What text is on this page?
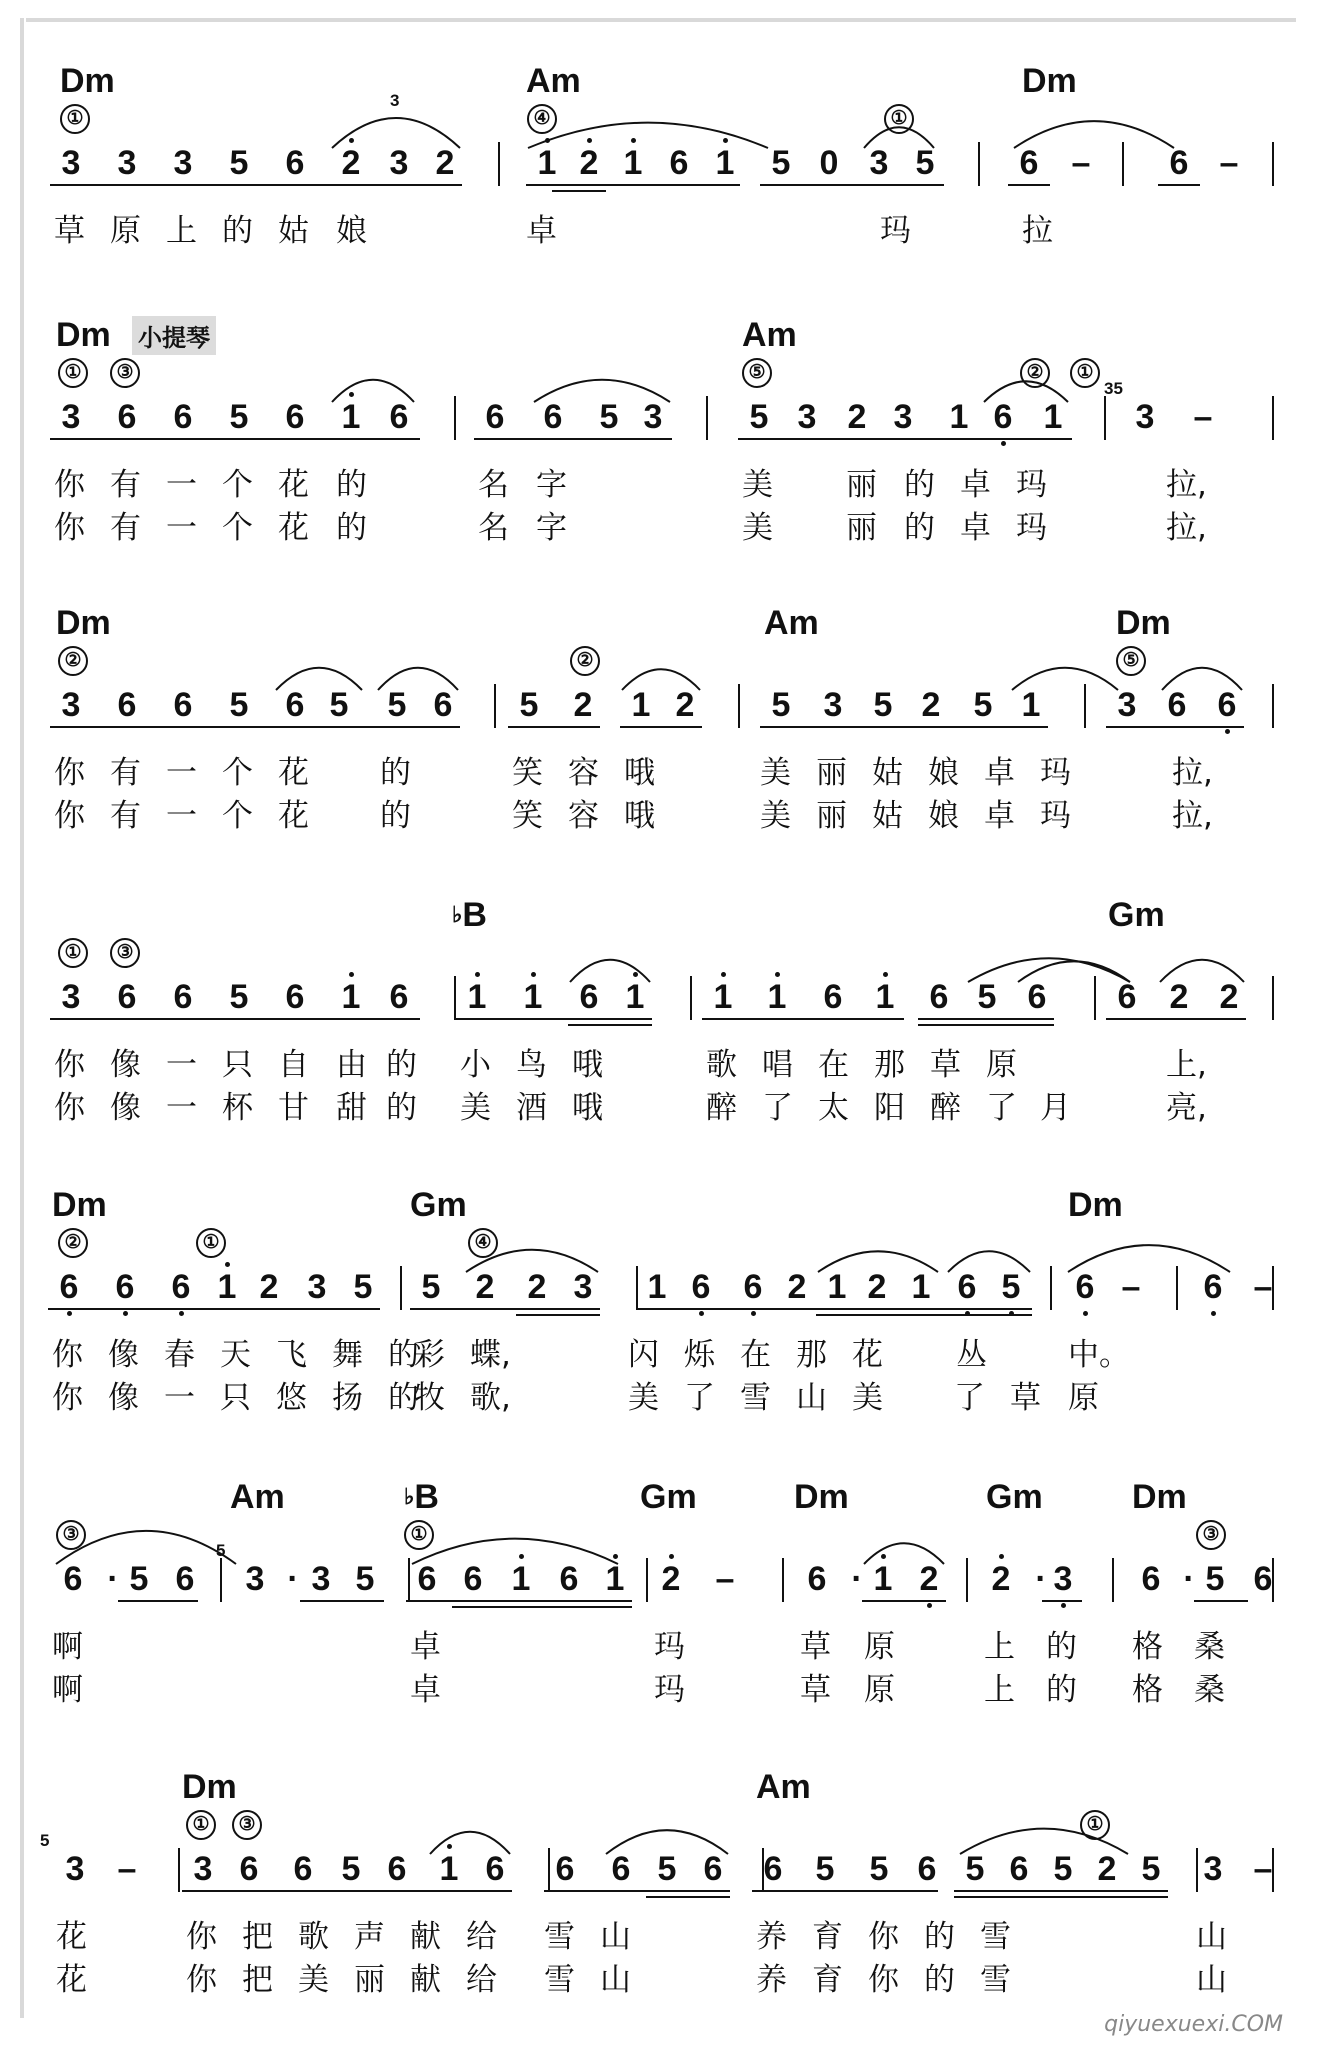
Dm	Am	Dm
①	④	①
3 3 3 5 6 2 3 2 1 2 1 6 1 5 0 3 5	6 – 6 –
3
草 原 上 的 姑 娘	卓	玛	拉
Dm	Am
小提琴
①	③	⑤	②	①
3 6 6 5 6 1 6 6 6 5 3	5 3 2 3 1 6 1 3 –
35
你 有 一 个 花 的	名 字	美 丽 的 卓 玛	拉,
你 有 一 个 花 的	名 字	美 丽 的 卓 玛	拉,
Dm	Am	Dm
②	②	⑤
3 6 6 5 6 5 5 6 5 2 1 2 5 3 5 2 5 1 3 6 6
你 有 一 个 花 的	笑 容 哦	美 丽 姑 娘 卓 玛	拉,
你 有 一 个 花 的	笑 容 哦	美 丽 姑 娘 卓 玛	拉,
♭B	Gm
①	③
3 6 6 5 6 1 6 1 1 6 1 1 1 6 1 6 5 6 6 2 2
你 像 一 只 自 由 的 小 鸟 哦	歌 唱 在 那 草 原	上,
你 像 一 杯 甘 甜 的 美 酒 哦	醉 了 太 阳 醉 了 月	亮,
Dm	Gm	Dm
②	①	④
6 6 6 1 2 3 5 5 2 2 3 1 6 6 2 1 2 1 6 5 6 – 6 –
你 像 春 天 飞 舞 的
彩 蝶,	闪 烁 在 那 花 丛	中。
你 像 一 只 悠 扬 的
牧 歌,	美 了 雪 山 美 了 草 原
Am	♭B	Gm	Dm	Gm	Dm
③	①	③
6 · 5 6 3 · 3 5 6 6 1 6 1 2 – 6 · 1 2 2 · 3 6 · 5 6
5
啊	卓	玛	草 原	上 的 格 桑
啊	卓	玛	草 原	上 的 格 桑
Dm	Am
①	③	①
3 – 3 6 6 5 6 1 6 6 6 5 6 6 5 5 6 5 6 5 2 5 3 –
5
花	你 把 歌 声 献 给 雪 山	养 育 你 的 雪	山
花	你 把 美 丽 献 给 雪 山	养 育 你 的 雪	山
qiyuexuexi.COM
